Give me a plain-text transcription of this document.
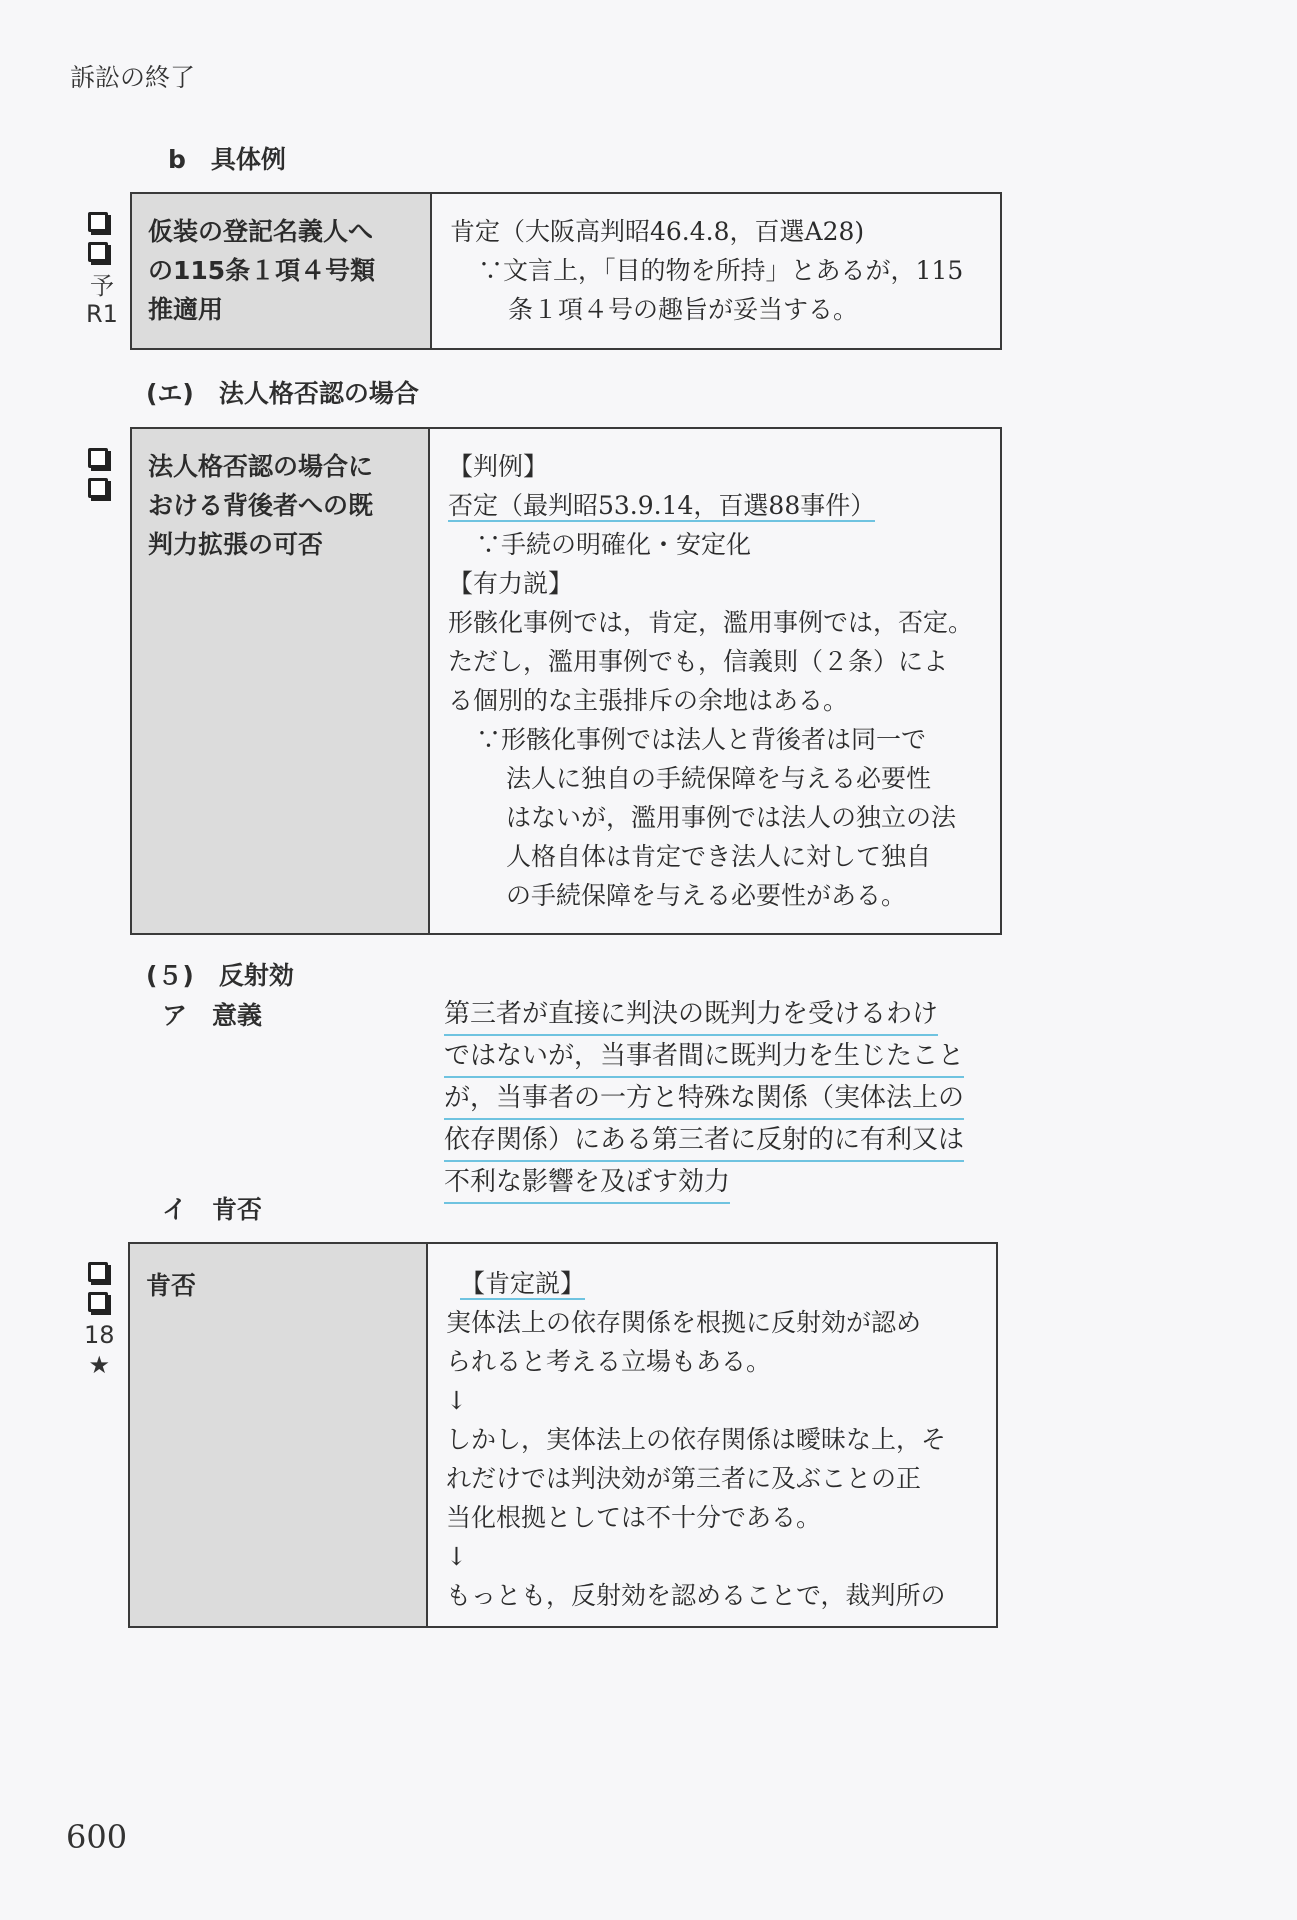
訴訟の終了
b　具体例
予
R1
仮装の登記名義人へ
の115条１項４号類
推適用
肯定（大阪高判昭46.4.8，百選A28)
∵文言上，「目的物を所持」とあるが，115
条１項４号の趣旨が妥当する。
(エ)　法人格否認の場合
法人格否認の場合に
おける背後者への既
判力拡張の可否
【判例】
否定（最判昭53.9.14，百選88事件）
∵手続の明確化・安定化
【有力説】
形骸化事例では，肯定，濫用事例では，否定。
ただし，濫用事例でも，信義則（２条）によ
る個別的な主張排斥の余地はある。
∵形骸化事例では法人と背後者は同一で
法人に独自の手続保障を与える必要性
はないが，濫用事例では法人の独立の法
人格自体は肯定でき法人に対して独自
の手続保障を与える必要性がある。
(５)　反射効
ア　意義	第三者が直接に判決の既判力を受けるわけ
ではないが，当事者間に既判力を生じたこと
が，当事者の一方と特殊な関係（実体法上の
依存関係）にある第三者に反射的に有利又は
不利な影響を及ぼす効力
イ　肯否
18
★
肯否	【肯定説】
実体法上の依存関係を根拠に反射効が認め
られると考える立場もある。
↓
しかし，実体法上の依存関係は曖昧な上，そ
れだけでは判決効が第三者に及ぶことの正
当化根拠としては不十分である。
↓
もっとも，反射効を認めることで，裁判所の
600
